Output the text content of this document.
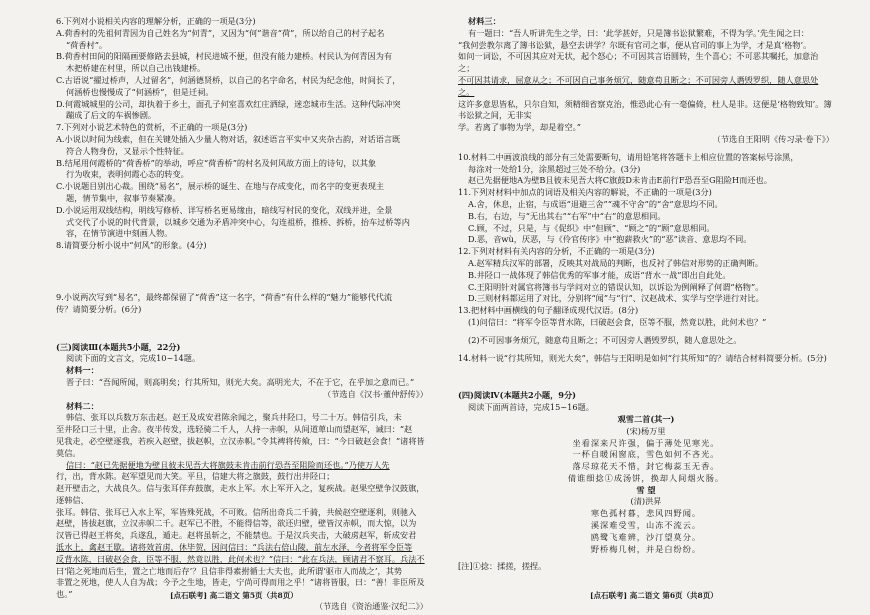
6.下列对小说相关内容的理解分析，正确的一项是(3分)

A.荷香村的先祖何青因为自己姓名为“何青”，又因为“何”谐音“荷”，所以给自己的村子起名

“荷香村”。

B.荷香村田间的阳隔画要修路去县城，村民进城不便，但没有能力建桥。村民认为何青因为有

木把桥建在村里，所以自己出钱建桥。

C.古语说“擢过桥声，人过留名”，何涵德贤桥，以自己的名字命名，村民为纪念他，时间长了，

何涵桥也慢慢成了“何涵桥”，但是迁祠。

D.何霞城城里的公司，却执着于乡土，面孔子何室喜欢红庄洒绿，迷恋城市生活。这种代际冲突

蹦成了后文的车祸惨剧。

7.下列对小说艺术特色的赏析，不正确的一项是(3分)

A.小说以时间为线索，但在关键处插入少量人物对话，叙述语言平实中又夹杂古韵，对话语言既

符合人物身份，又显示个性特征。

B.结尾用何霞桥的“荷香桥”的举动，呼应“荷香桥”的村名及何风故方面上的诗句，以其象

行为收束，表明何霞心态的转变。

C.小说题目别出心裁。围绕“易名”，展示桥的诞生、在地与存成变化，而名字的变更表现主

题，情节集中，叙事节奏紧凑。

D.小说运用双线结构，明线写修桥、详写桥名更易缘由，暗线写村民的变化，双线并进，全景

式交代了小说的时代背景，以城乡交通为矛盾冲突中心，勾连祖桥，推桥、拆桥，抬车过桥等内

容，在情节演进中刻画人物。

8.请简要分析小说中“何风”的形象。(4分)

9.小说两次写到“易名”，最终都保留了“荷香”这一名字，“荷香”有什么样的“魅力”能够代代流

传？请简要分析。(6分)

(三)阅读Ⅲ(本题共5小题，22分)

阅读下面的文言文，完成10~14题。

材料一：

晋子曰：“吾闻所闻，则高明矣；行其所知，则光大矣。高明光大，不在于它，在乎加之意而已。”

（节选自《汉书·董仲舒传》）

材料二：

韩信、张耳以兵数万东击赵。赵王及成安君陈余闻之，聚兵井陉口，号二十万。韩信引兵，未

至井陉口三十里，止舍。夜半传发，选轻骑二千人，人持一赤帜，从间道萆山而望赵军，诫曰：“赵

见我走，必空壁逐我，若疾入赵壁，拔赵帜，立汉赤帜。”令其裨将传飨，曰：“今日破赵会食！”诸将皆莫信。

信曰：“赵已先据便地为壁且彼未见吾大将旗鼓未肯击前行恐吾至阻险而还也。”乃使万人先

行，出，背水陈。赵军望见而大笑。平旦，信建大将之旗鼓，鼓行出井陉口；

赵开壁击之，大战良久。信与张耳佯弃鼓旗，走水上军。水上军开入之，复疾战。赵果空壁争汉鼓旗，逐韩信、

张耳。韩信、张耳已入水上军，军皆殊死战，不可败。信所出奇兵二千骑，共候赵空壁逐利，则驰入

赵壁，皆拔赵旗，立汉赤帜二千。赵军已不胜，不能得信等，欲还归壁，壁皆汉赤帜，而大惊，以为

汉皆已得赵王将矣，兵遂乱，遁走。赵将虽斩之，不能禁也。于是汉兵夹击，大破虏赵军，斩成安君

泜水上，禽赵王歇。诸将效首虏，休毕贺，因问信曰：“兵法右倍山陵，前左水泽，今者将军令臣等

反背水陈，曰破赵会食，臣等不服，然竟以胜，此何术也？”信曰：“此在兵法，顾诸君不察耳。兵法不

曰‘陷之死地而后生，置之亡地而后存’？且信非得素拊循士大夫也，此所谓‘驱市人而战之’，其势

非置之死地，使人人自为战；今予之生地，皆走，宁尚可得而用之乎！”诸将皆服，曰：“善！非臣所及也。”

（节选自《资治通鉴·汉纪二》）

材料三：

有一题曰：“吾人听讲先生之学，曰：‘此学甚好，只是簿书讼狱繁难，不得为学。’先生闻之曰：

“我何尝教尔离了簿书讼狱，悬空去讲学？尔既有官司之事，便从官司的事上为学，才是真‘格物’。

如问一词讼，不可因其应对无状，起个怒心；不可因其言语圆转，生个喜心；不可恶其嘱托，加意治之；

不可因其请求，屈意从之；不可因自己事务烦冗，随意苟且断之；不可因旁人谮毁罗织，随人意思处之。

这许多意思皆私，只尔自知，须精细省察克治，惟恐此心有一毫偏倚，杜人是非。这便是‘格物致知’。簿书讼狱之间，无非实

学。若离了事物为学，却是着空。”

（节选自王阳明《传习录·卷下》）

10.材料二中画波浪线的部分有三处需要断句，请用铅笔将答题卡上相应位置的答案标号涂黑，

每涂对一处给1分，涂黑超过三处不给分。(3分)

赵已先据便地A为壁B且彼未见吾大将C旗鼓D未肯击E前行F恐吾至G阻险H而还也。

11.下列对材料中加点的词语及相关内容的解说，不正确的一项是(3分)

A.舍，休息，止宿，与成语“退避三舍”“魂不守舍”的“舍”意思均不同。

B.右，右边，与“无出其右”“右军”中“右”的意思相同。

C.顾，不过，只是，与《促织》中“但顾”、“顾之”的“顾”意思相同。

D.恶，音wù，厌恶，与《伶官传序》中“抱薪救火”的“恶”读音、意思均不同。

12.下列对材料有关内容的分析，不正确的一项是(3分)

A.赵军精兵汉军的部署，反映其对战局的判断，也反衬了韩信对形势的正确判断。

B.井陉口一战体现了韩信优秀的军事才能，成语“背水一战”即出自此处。

C.王阳明针对属官将簿书与学问对立的错误认知，以诉讼为例阐释了何谓“格物”。

D.三则材料都运用了对比，分别将“闻”与“行”、汉赵战术、实学与空学进行对比。

13.把材料中画横线的句子翻译成现代汉语。(8分)

(1)问信曰：“将军令臣等背水陈，曰破赵会食，臣等不服，然竟以胜，此何术也？”

(2)不可因事务烦冗，随意苟且断之；不可因旁人谮毁罗织，随人意思处之。

14.材料一说“行其所知，则光大矣”，韩信与王阳明是如何“行其所知”的？请结合材料简要分析。(5分)

(四)阅读Ⅳ(本题共2小题，9分)

阅读下面两首诗，完成15~16题。

观雪二首(其一)

(宋)杨万里

坐看深来尺许强，偏于薄处见寒光。

一杯自暖闲窗底，雪色如何不吝光。

落尽琼花天不惜，封它梅蕊玉无香。

倩谁细捻①成汤饼，换却人间烟火肠。

雪 望

(清)洪昇

寒色孤村暮，悲风四野闻。

溪深难受雪，山冻不流云。

鸥鹭飞难辨，沙汀望莫分。

野桥梅几树，并是白纷纷。

[注]①捻：揉搓，搓捏。

[点石联考] 高二语文 第5页（共8页）	[点石联考] 高二语文 第6页（共8页）
